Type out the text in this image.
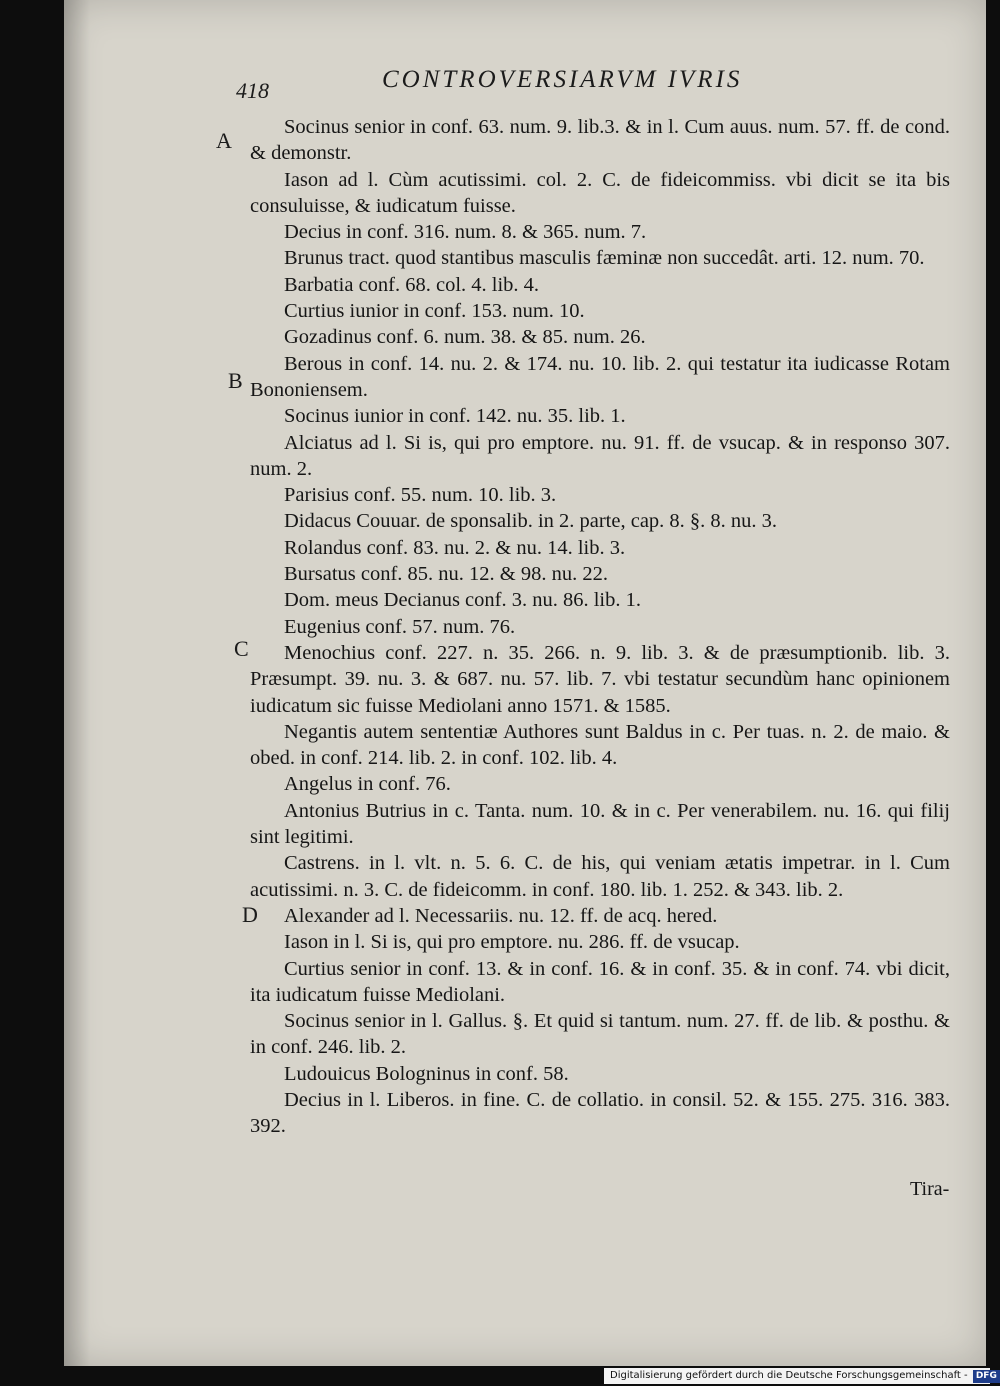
418	CONTROVERSIARVM IVRIS
A
B
C
D

Socinus senior in conf. 63. num. 9. lib.3. & in l. Cum auus. num. 57. ff. de cond. & demonstr.

Iason ad l. Cùm acutissimi. col. 2. C. de fideicommiss. vbi dicit se ita bis consuluisse, & iudicatum fuisse.

Decius in conf. 316. num. 8. & 365. num. 7.

Brunus tract. quod stantibus masculis fæminæ non succedât. arti. 12. num. 70.

Barbatia conf. 68. col. 4. lib. 4.

Curtius iunior in conf. 153. num. 10.

Gozadinus conf. 6. num. 38. & 85. num. 26.

Berous in conf. 14. nu. 2. & 174. nu. 10. lib. 2. qui testatur ita iudicasse Rotam Bononiensem.

Socinus iunior in conf. 142. nu. 35. lib. 1.

Alciatus ad l. Si is, qui pro emptore. nu. 91. ff. de vsucap. & in responso 307. num. 2.

Parisius conf. 55. num. 10. lib. 3.

Didacus Couuar. de sponsalib. in 2. parte, cap. 8. §. 8. nu. 3.

Rolandus conf. 83. nu. 2. & nu. 14. lib. 3.

Bursatus conf. 85. nu. 12. & 98. nu. 22.

Dom. meus Decianus conf. 3. nu. 86. lib. 1.

Eugenius conf. 57. num. 76.

Menochius conf. 227. n. 35. 266. n. 9. lib. 3. & de præsumptionib. lib. 3. Præsumpt. 39. nu. 3. & 687. nu. 57. lib. 7. vbi testatur secundùm hanc opinionem iudicatum sic fuisse Mediolani anno 1571. & 1585.

Negantis autem sententiæ Authores sunt Baldus in c. Per tuas. n. 2. de maio. & obed. in conf. 214. lib. 2. in conf. 102. lib. 4.

Angelus in conf. 76.

Antonius Butrius in c. Tanta. num. 10. & in c. Per venerabilem. nu. 16. qui filij sint legitimi.

Castrens. in l. vlt. n. 5. 6. C. de his, qui veniam ætatis impetrar. in l. Cum acutissimi. n. 3. C. de fideicomm. in conf. 180. lib. 1. 252. & 343. lib. 2.

Alexander ad l. Necessariis. nu. 12. ff. de acq. hered.

Iason in l. Si is, qui pro emptore. nu. 286. ff. de vsucap.

Curtius senior in conf. 13. & in conf. 16. & in conf. 35. & in conf. 74. vbi dicit, ita iudicatum fuisse Mediolani.

Socinus senior in l. Gallus. §. Et quid si tantum. num. 27. ff. de lib. & posthu. & in conf. 246. lib. 2.

Ludouicus Bologninus in conf. 58.

Decius in l. Liberos. in fine. C. de collatio. in consil. 52. & 155. 275. 316. 383. 392.

Tira-
Digitalisierung gefördert durch die Deutsche Forschungsgemeinschaft - DFG
